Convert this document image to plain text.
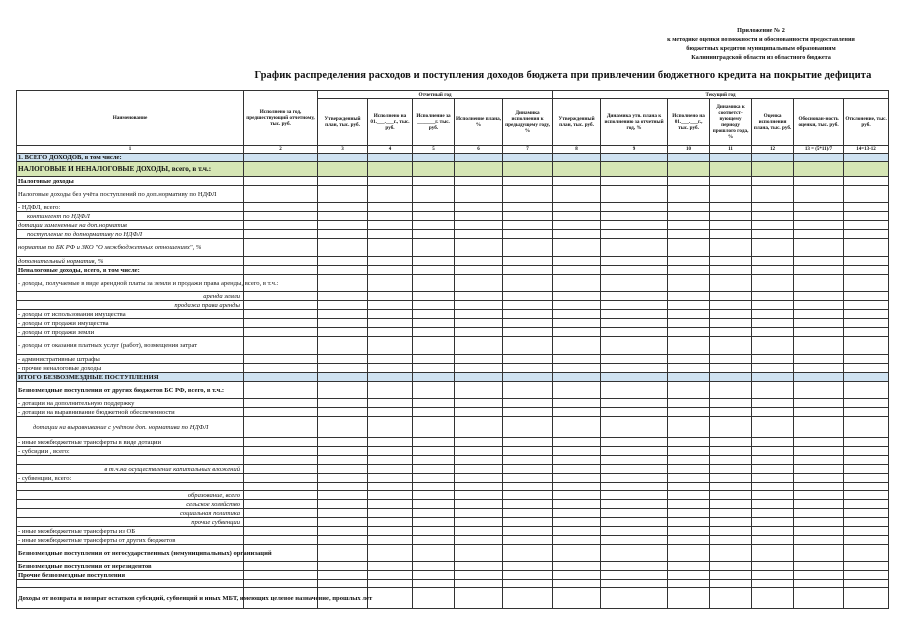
Приложение № 2
к методике оценки возможности и обоснованности предоставления
бюджетных кредитов муниципальным образованиям
Калининградской области из областного бюджета
График распределения расходов и поступления доходов бюджета при привлечении бюджетного кредита на покрытие дефицита
Наименование	Исполнено за год, предшествующий отчетному, тыс. руб.	Отчетный год					Текущий год						
		Утвержденный план, тыс. руб.	Исполнено на 01.___.___г., тыс. руб.	Исполнение за _______г. тыс. руб.	Исполнение плана, %	Динамика исполнения к предыдущему году, %	Утвержденный план, тыс. руб.	Динамика утв. плана к исполнению за отчетный год, %	Исполнено на 01.___.___г., тыс. руб.	Динамика к соответст-вующему периоду прошлого года, %	Оценка исполнения плана, тыс. руб.	Обоснован-ность оценки, тыс. руб.	Отклонение, тыс. руб.
1	2	3	4	5	6	7	8	9	10	11	12	13 = (5*11)/7	14=13-12
1. ВСЕГО ДОХОДОВ, в том числе:													
НАЛОГОВЫЕ И НЕНАЛОГОВЫЕ ДОХОДЫ, всего, в т.ч.:													
Налоговые доходы													
Налоговые доходы без учёта поступлений по доп.нормативу по НДФЛ													
- НДФЛ, всего:													
контингент по НДФЛ													
дотации замененные на доп.норматив													
поступление по допнормативу по НДФЛ													
норматив по БК РФ и ЗКО "О межбюджетных отношениях", %													
дополнительный норматив, %													
Неналоговые доходы, всего, в том числе:													
- доходы, получаемые в виде арендной платы за земли и продажи права аренды, всего, в т.ч.:													
аренда земли													
продажа права аренды													
- доходы от использования имущества													
- доходы от продажи имущества													
- доходы от продажи земли													
- доходы от оказания платных услуг (работ), возмещения затрат													
- административные штрафы													
- прочие неналоговые доходы													
ИТОГО БЕЗВОЗМЕЗДНЫЕ ПОСТУПЛЕНИЯ													
Безвозмездные поступления от других бюджетов БС РФ, всего, в т.ч.:													
- дотации на дополнительную поддержку													
- дотации на выравнивание бюджетной обеспеченности													
дотации на выравнивание с учётом доп. норматива по НДФЛ													
- иные межбюджетные трансферты в виде дотации													
- субсидии , всего:													

в т.ч.на осуществление капитальных вложений													
- субвенции, всего:													

образование, всего													
сельское хозяйство													
социальная политика													
прочие субвенции													
- иные межбюджетные трансферты из ОБ													
- иные межбюджетные трансферты от других бюджетов													
Безвозмездные поступления от негосударственных (немуниципальных) организаций													
Безвозмездные поступления от нерезидентов													
Прочие безвозмездные поступления													

Доходы от возврата и возврат остатков субсидий, субвенций и иных МБТ, имеющих целевое назначение, прошлых лет													
